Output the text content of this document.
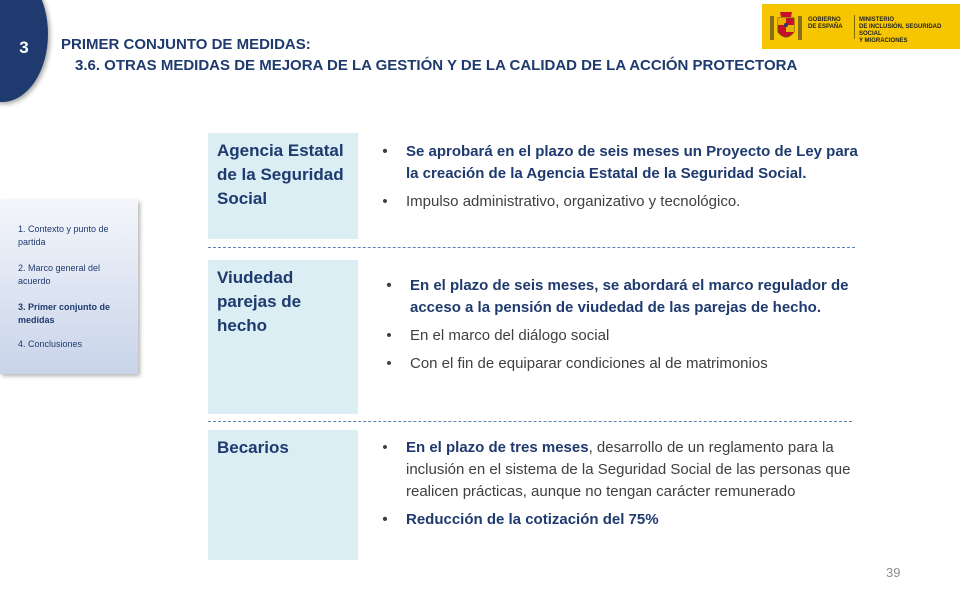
3	PRIMER CONJUNTO DE MEDIDAS:
3.6. OTRAS MEDIDAS DE MEJORA DE LA GESTIÓN Y DE LA CALIDAD DE LA ACCIÓN PROTECTORA
GOBIERNO
DE ESPAÑA
MINISTERIO
DE INCLUSIÓN, SEGURIDAD SOCIAL
Y MIGRACIONES
1. Contexto y punto de partida
2. Marco general del acuerdo
3. Primer conjunto de medidas
4. Conclusiones
Agencia Estatal de la Seguridad Social
• Se aprobará en el plazo de seis meses un Proyecto de Ley para la creación de la Agencia Estatal de la Seguridad Social.
• Impulso administrativo, organizativo y tecnológico.
Viudedad parejas de hecho
• En el plazo de seis meses, se abordará el marco regulador de acceso a la pensión de viudedad de las parejas de hecho.
• En el marco del diálogo social
• Con el fin de equiparar condiciones al de matrimonios
Becarios	• En el plazo de tres meses, desarrollo de un reglamento para la inclusión en el sistema de la Seguridad Social de las personas que realicen prácticas, aunque no tengan carácter remunerado
• Reducción de la cotización del 75%
39
